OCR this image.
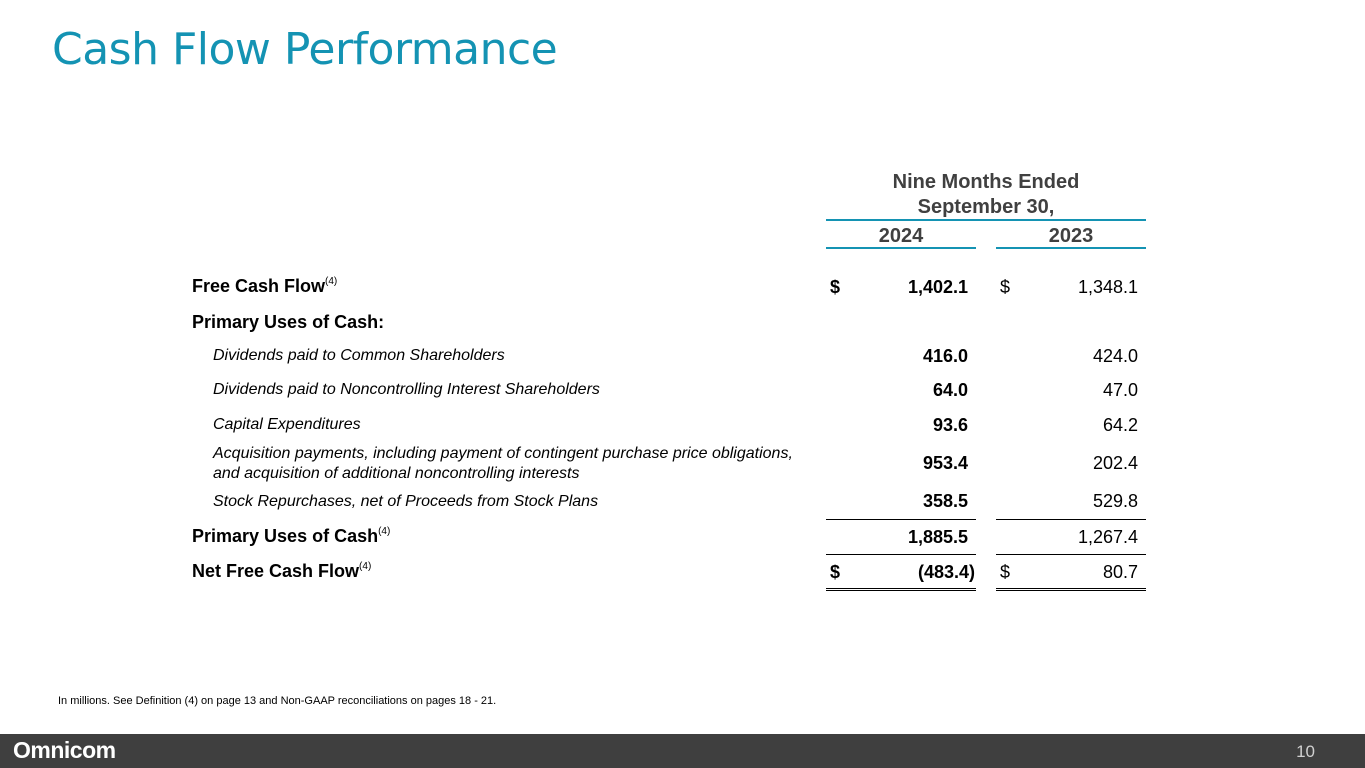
Cash Flow Performance
Nine Months Ended
September 30,
2024	2023
Free Cash Flow$^{(4)}$	$	1,402.1 $	1,348.1
Primary Uses of Cash:
Dividends paid to Common Shareholders	416.0	424.0
Dividends paid to Noncontrolling Interest Shareholders	64.0	47.0
Capital Expenditures	93.6	64.2
Acquisition payments, including payment of contingent purchase price obligations,
and acquisition of additional noncontrolling interests
953.4	202.4
Stock Repurchases, net of Proceeds from Stock Plans	358.5	529.8
Primary Uses of Cash$^{(4)}$	1,885.5	1,267.4
Net Free Cash Flow$^{(4)}$	$	(483.4) $	80.7
In millions. See Definition (4) on page 13 and Non-GAAP reconciliations on pages 18 - 21.
Omnicom	10
